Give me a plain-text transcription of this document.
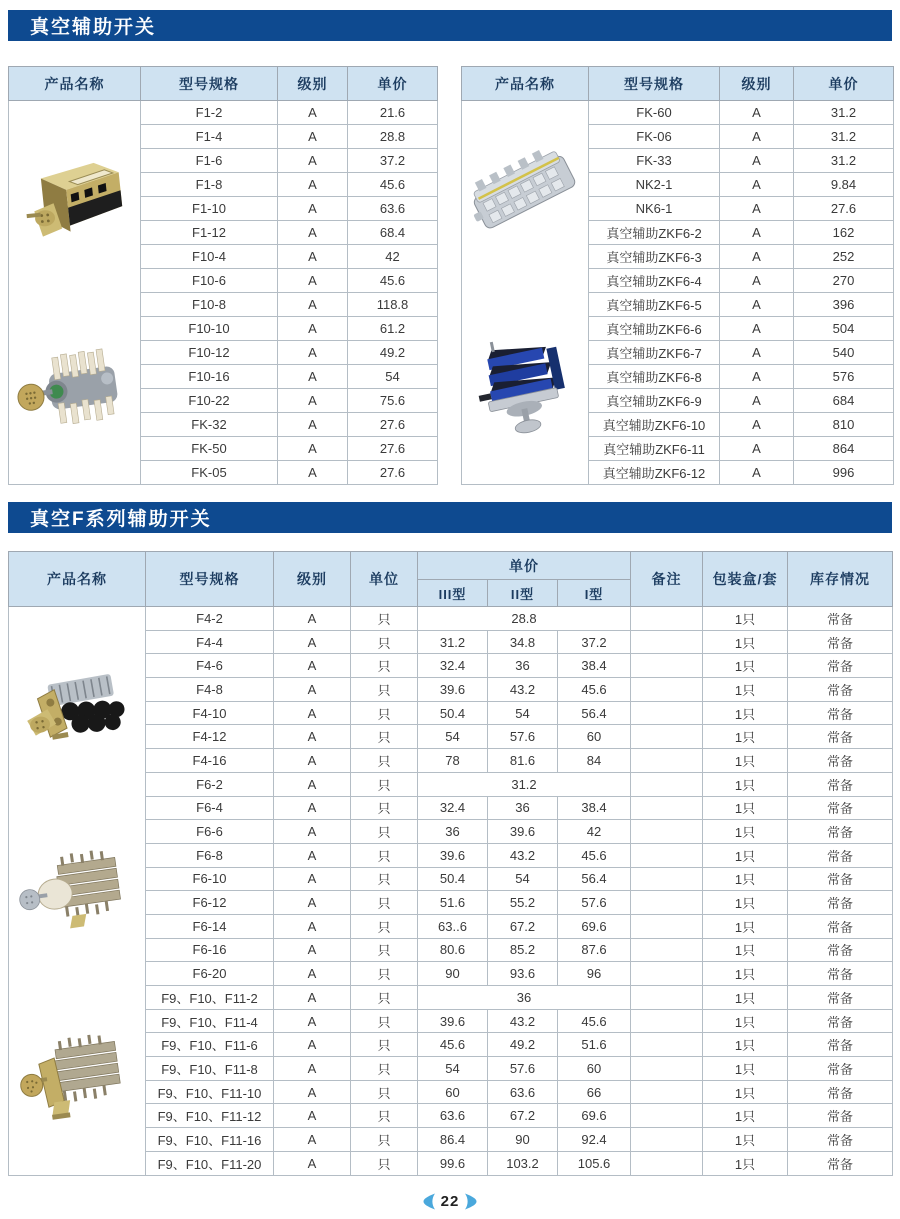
真空辅助开关
产品名称	型号规格	级别	单价

	F1-2	A	21.6
	F1-4	A	28.8
	F1-6	A	37.2
	F1-8	A	45.6
	F1-10	A	63.6
	F1-12	A	68.4
	F10-4	A	42
	F10-6	A	45.6
	F10-8	A	118.8
	F10-10	A	61.2
	F10-12	A	49.2
	F10-16	A	54
	F10-22	A	75.6
	FK-32	A	27.6
	FK-50	A	27.6
	FK-05	A	27.6
产品名称	型号规格	级别	单价

	FK-60	A	31.2
	FK-06	A	31.2
	FK-33	A	31.2
	NK2-1	A	9.84
	NK6-1	A	27.6
	真空辅助ZKF6-2	A	162
	真空辅助ZKF6-3	A	252
	真空辅助ZKF6-4	A	270
	真空辅助ZKF6-5	A	396
	真空辅助ZKF6-6	A	504
	真空辅助ZKF6-7	A	540
	真空辅助ZKF6-8	A	576
	真空辅助ZKF6-9	A	684
	真空辅助ZKF6-10	A	810
	真空辅助ZKF6-11	A	864
	真空辅助ZKF6-12	A	996
真空F系列辅助开关
产品名称	型号规格	级别	单位	单价			备注	包装盒/套	库存情况
				III型	II型	I型			

	F4-2	A	只	28.8				1只	常备
	F4-4	A	只	31.2	34.8	37.2		1只	常备
	F4-6	A	只	32.4	36	38.4		1只	常备
	F4-8	A	只	39.6	43.2	45.6		1只	常备
	F4-10	A	只	50.4	54	56.4		1只	常备
	F4-12	A	只	54	57.6	60		1只	常备
	F4-16	A	只	78	81.6	84		1只	常备
	F6-2	A	只	31.2				1只	常备
	F6-4	A	只	32.4	36	38.4		1只	常备
	F6-6	A	只	36	39.6	42		1只	常备
	F6-8	A	只	39.6	43.2	45.6		1只	常备
	F6-10	A	只	50.4	54	56.4		1只	常备
	F6-12	A	只	51.6	55.2	57.6		1只	常备
	F6-14	A	只	63..6	67.2	69.6		1只	常备
	F6-16	A	只	80.6	85.2	87.6		1只	常备
	F6-20	A	只	90	93.6	96		1只	常备
	F9、F10、F11-2	A	只	36				1只	常备
	F9、F10、F11-4	A	只	39.6	43.2	45.6		1只	常备
	F9、F10、F11-6	A	只	45.6	49.2	51.6		1只	常备
	F9、F10、F11-8	A	只	54	57.6	60		1只	常备
	F9、F10、F11-10	A	只	60	63.6	66		1只	常备
	F9、F10、F11-12	A	只	63.6	67.2	69.6		1只	常备
	F9、F10、F11-16	A	只	86.4	90	92.4		1只	常备
	F9、F10、F11-20	A	只	99.6	103.2	105.6		1只	常备
22
